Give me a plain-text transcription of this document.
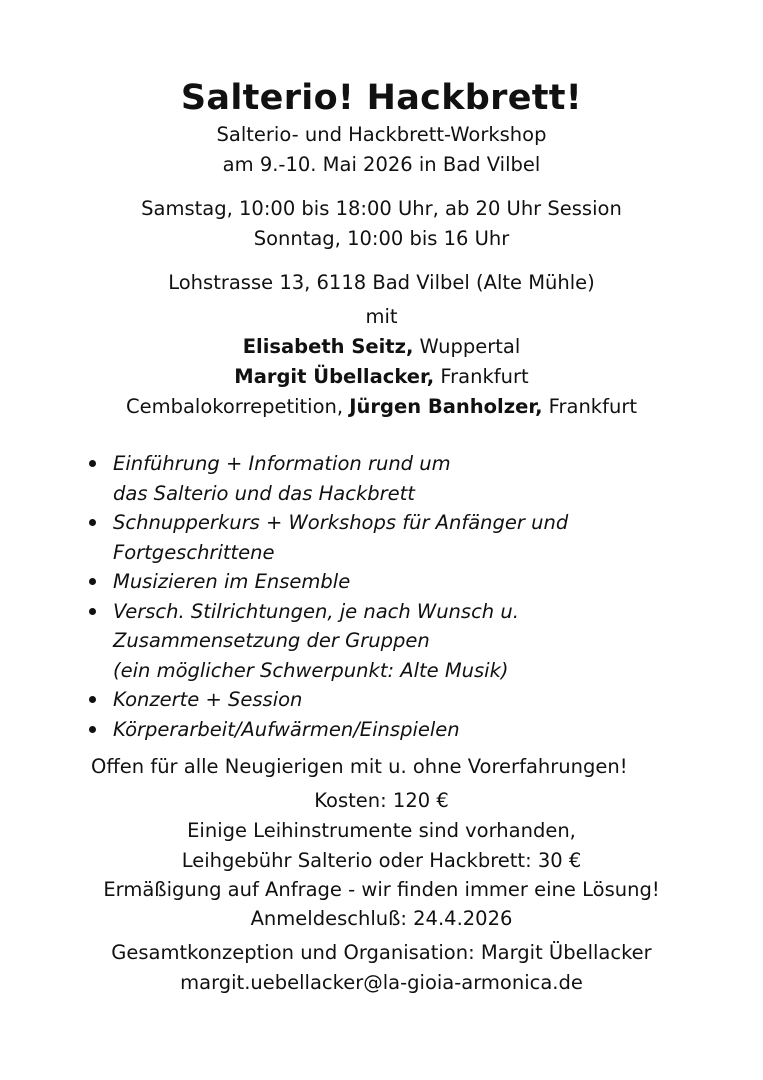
Salterio! Hackbrett!
Salterio- und Hackbrett-Workshop
am 9.-10. Mai 2026 in Bad Vilbel
Samstag, 10:00 bis 18:00 Uhr, ab 20 Uhr Session
Sonntag, 10:00 bis 16 Uhr
Lohstrasse 13, 6118 Bad Vilbel (Alte Mühle)
mit
Elisabeth Seitz, Wuppertal
Margit Übellacker, Frankfurt
Cembalokorrepetition, Jürgen Banholzer, Frankfurt
Einführung + Information rund um
das Salterio und das Hackbrett
Schnupperkurs + Workshops für Anfänger und
Fortgeschrittene
Musizieren im Ensemble
Versch. Stilrichtungen, je nach Wunsch u.
Zusammensetzung der Gruppen
(ein möglicher Schwerpunkt: Alte Musik)
Konzerte + Session
Körperarbeit/Aufwärmen/Einspielen
Offen für alle Neugierigen mit u. ohne Vorerfahrungen!
Kosten: 120 €
Einige Leihinstrumente sind vorhanden,
Leihgebühr Salterio oder Hackbrett: 30 €
Ermäßigung auf Anfrage - wir finden immer eine Lösung!
Anmeldeschluß: 24.4.2026
Gesamtkonzeption und Organisation: Margit Übellacker
margit.uebellacker@la-gioia-armonica.de
